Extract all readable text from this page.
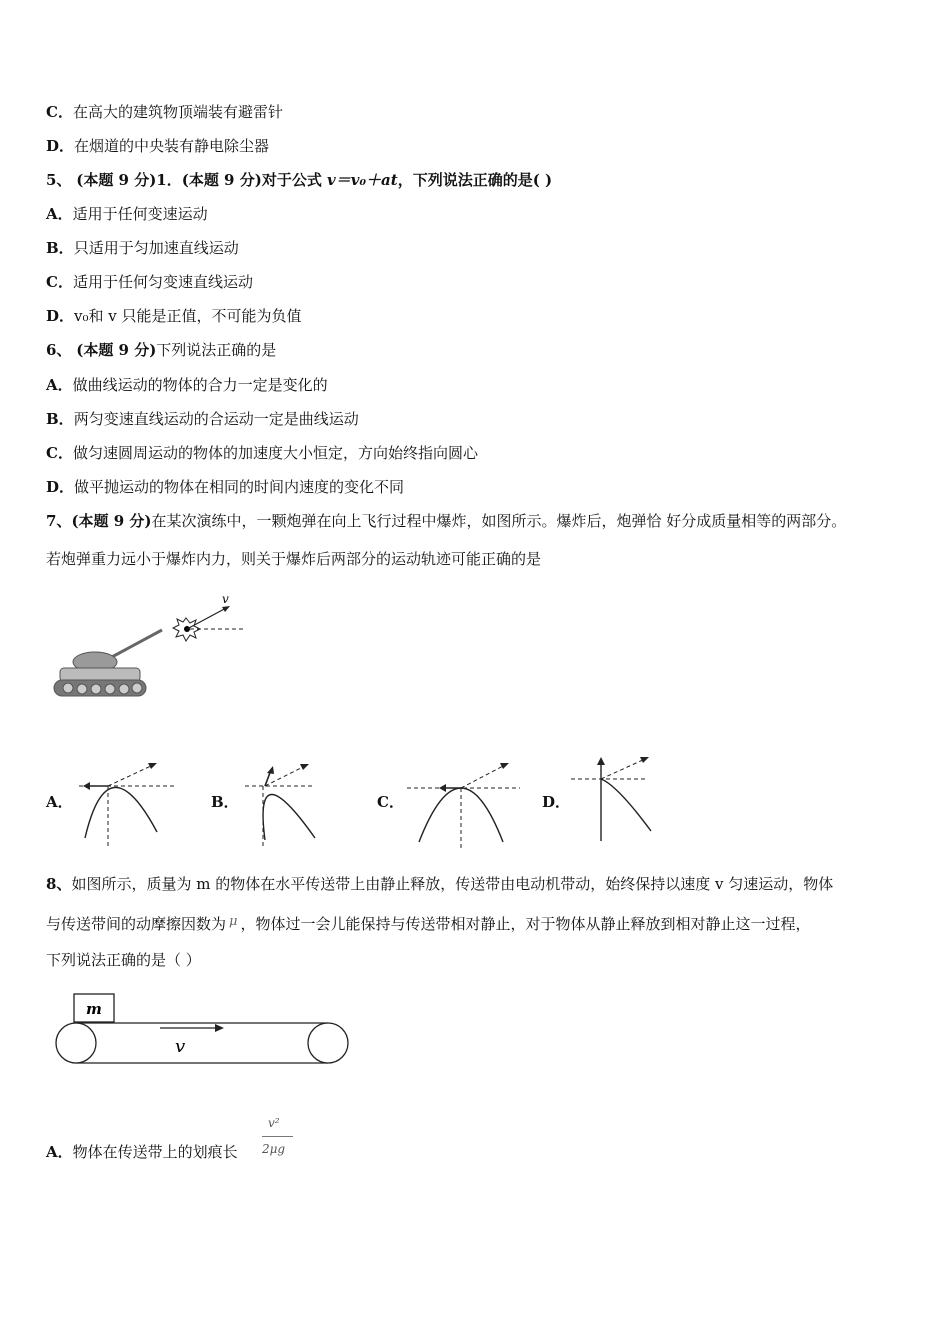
C．在高大的建筑物顶端装有避雷针
D．在烟道的中央装有静电除尘器
5、 (本题 9 分)1．(本题 9 分)对于公式 v＝v₀＋at，下列说法正确的是( )
A．适用于任何变速运动
B．只适用于匀加速直线运动
C．适用于任何匀变速直线运动
D．v₀和 v 只能是正值，不可能为负值
6、 (本题 9 分)下列说法正确的是
A．做曲线运动的物体的合力一定是变化的
B．两匀变速直线运动的合运动一定是曲线运动
C．做匀速圆周运动的物体的加速度大小恒定，方向始终指向圆心
D．做平抛运动的物体在相同的时间内速度的变化不同
7、(本题 9 分)在某次演练中，一颗炮弹在向上飞行过程中爆炸，如图所示。爆炸后，炮弹恰 好分成质量相等的两部分。
若炮弹重力远小于爆炸内力，则关于爆炸后两部分的运动轨迹可能正确的是
v
A．	B．	C．	D．
8、如图所示，质量为 m 的物体在水平传送带上由静止释放，传送带由电动机带动，始终保持以速度 v 匀速运动，物体
与传送带间的动摩擦因数为 μ ，物体过一会儿能保持与传送带相对静止，对于物体从静止释放到相对静止这一过程，
下列说法正确的是（ ）
m
v
A．物体在传送带上的划痕长
v²
2μg
